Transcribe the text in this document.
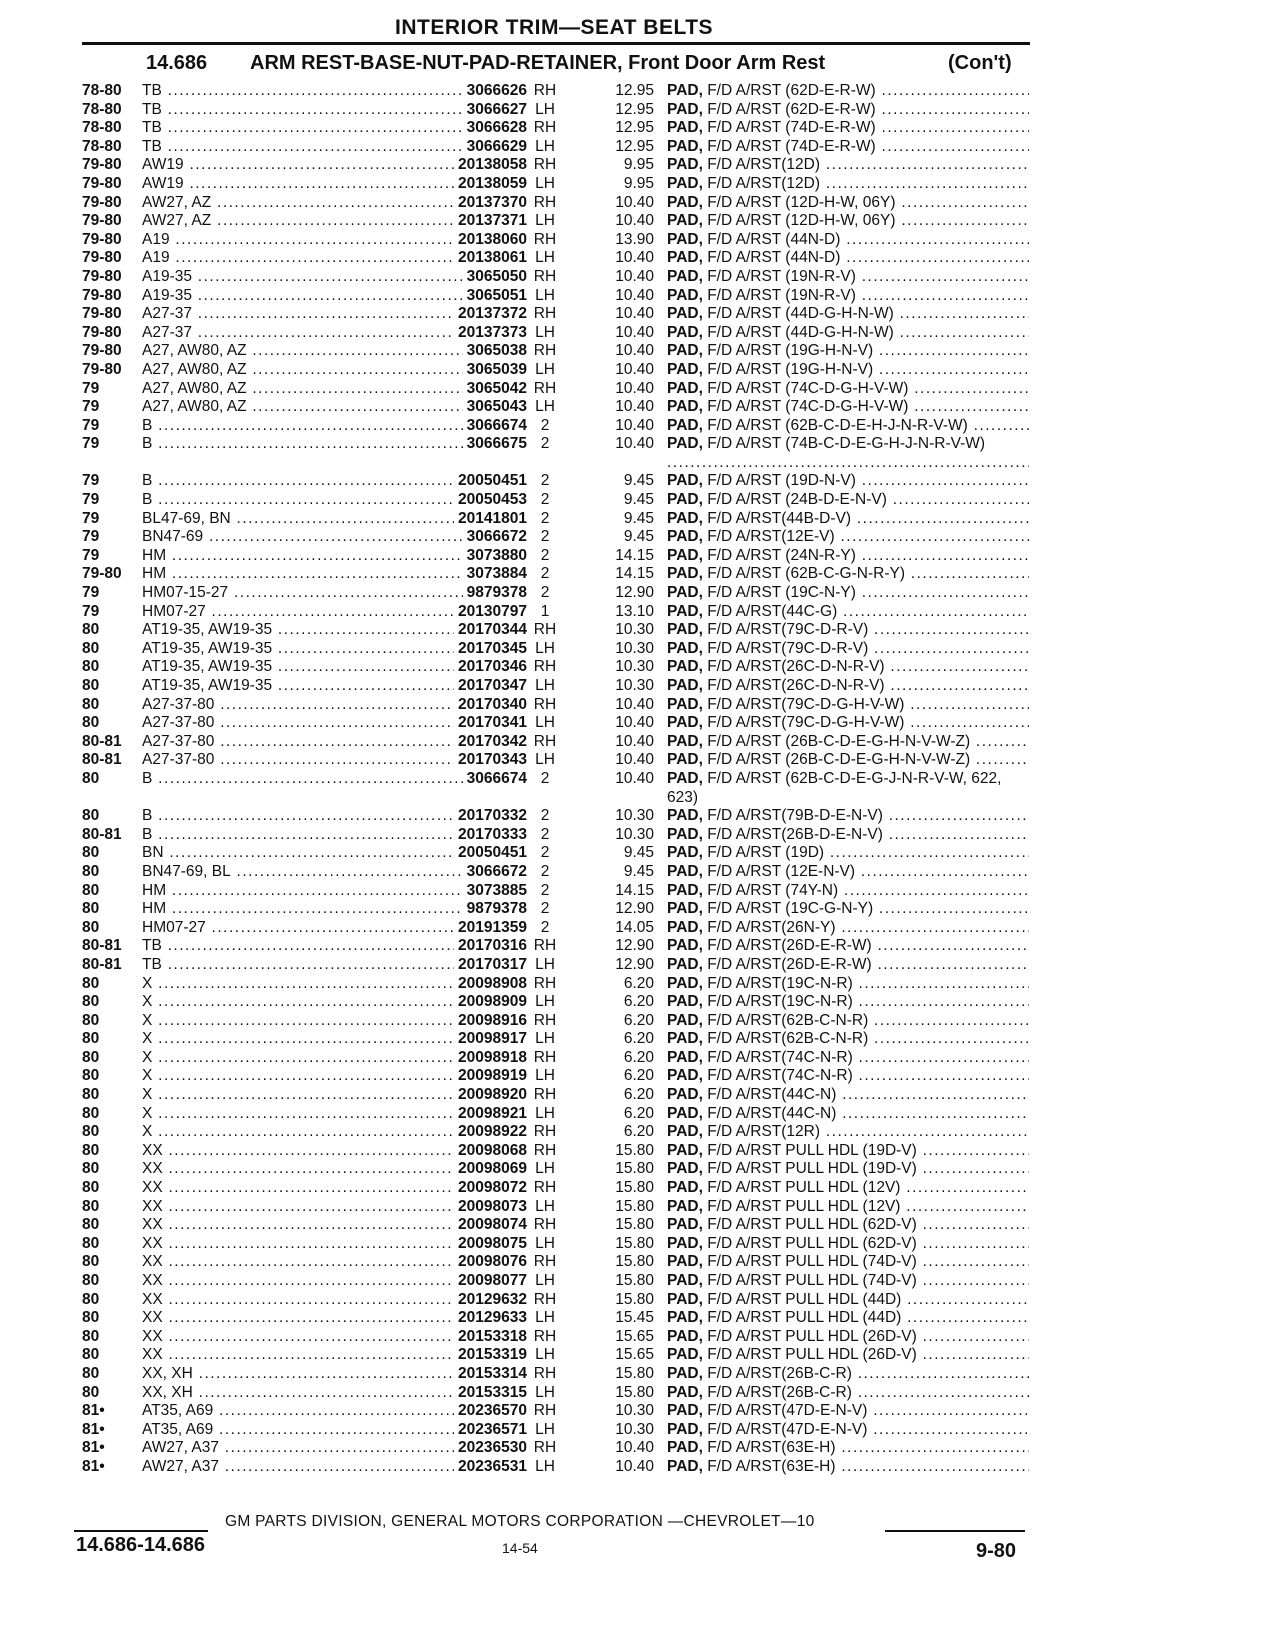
INTERIOR TRIM—SEAT BELTS
14.686 ARM REST-BASE-NUT-PAD-RETAINER, Front Door Arm Rest	(Con't)
78-80 TB .....	3066626 RH	12.95 PAD, F/D A/RST (62D-E-R-W) .....
78-80 TB .....	3066627 LH	12.95 PAD, F/D A/RST (62D-E-R-W) .....
78-80 TB .....	3066628 RH	12.95 PAD, F/D A/RST (74D-E-R-W) .....
78-80 TB .....	3066629 LH	12.95 PAD, F/D A/RST (74D-E-R-W) .....
79-80 AW19 .....	20138058 RH	9.95 PAD, F/D A/RST(12D) .....
79-80 AW19 .....	20138059 LH	9.95 PAD, F/D A/RST(12D) .....
79-80 AW27, AZ .....	20137370 RH	10.40 PAD, F/D A/RST (12D-H-W, 06Y) .....
79-80 AW27, AZ .....	20137371 LH	10.40 PAD, F/D A/RST (12D-H-W, 06Y) .....
79-80 A19 .....	20138060 RH	13.90 PAD, F/D A/RST (44N-D) .....
79-80 A19 .....	20138061 LH	10.40 PAD, F/D A/RST (44N-D) .....
79-80 A19-35 .....	3065050 RH	10.40 PAD, F/D A/RST (19N-R-V) .....
79-80 A19-35 .....	3065051 LH	10.40 PAD, F/D A/RST (19N-R-V) .....
79-80 A27-37 .....	20137372 RH	10.40 PAD, F/D A/RST (44D-G-H-N-W) .....
79-80 A27-37 .....	20137373 LH	10.40 PAD, F/D A/RST (44D-G-H-N-W) .....
79-80 A27, AW80, AZ .....	3065038 RH	10.40 PAD, F/D A/RST (19G-H-N-V) .....
79-80 A27, AW80, AZ .....	3065039 LH	10.40 PAD, F/D A/RST (19G-H-N-V) .....
79	A27, AW80, AZ .....	3065042 RH	10.40 PAD, F/D A/RST (74C-D-G-H-V-W) .....
79	A27, AW80, AZ .....	3065043 LH	10.40 PAD, F/D A/RST (74C-D-G-H-V-W) .....
79	B .....	3066674 2	10.40 PAD, F/D A/RST (62B-C-D-E-H-J-N-R-V-W) .....
79	B .....	3066675 2	10.40 PAD, F/D A/RST (74B-C-D-E-G-H-J-N-R-V-W) .....
79	B .....	20050451 2	9.45 PAD, F/D A/RST (19D-N-V) .....
79	B .....	20050453 2	9.45 PAD, F/D A/RST (24B-D-E-N-V) .....
79	BL47-69, BN .....	20141801 2	9.45 PAD, F/D A/RST(44B-D-V) .....
79	BN47-69 .....	3066672 2	9.45 PAD, F/D A/RST(12E-V) .....
79	HM .....	3073880 2	14.15 PAD, F/D A/RST (24N-R-Y) .....
79-80 HM .....	3073884 2	14.15 PAD, F/D A/RST (62B-C-G-N-R-Y) .....
79	HM07-15-27 .....	9879378 2	12.90 PAD, F/D A/RST (19C-N-Y) .....
79	HM07-27 .....	20130797 1	13.10 PAD, F/D A/RST(44C-G) .....
80	AT19-35, AW19-35 .....	20170344 RH	10.30 PAD, F/D A/RST(79C-D-R-V) .....
80	AT19-35, AW19-35 .....	20170345 LH	10.30 PAD, F/D A/RST(79C-D-R-V) .....
80	AT19-35, AW19-35 .....	20170346 RH	10.30 PAD, F/D A/RST(26C-D-N-R-V) .....
80	AT19-35, AW19-35 .....	20170347 LH	10.30 PAD, F/D A/RST(26C-D-N-R-V) .....
80	A27-37-80 .....	20170340 RH	10.40 PAD, F/D A/RST(79C-D-G-H-V-W) .....
80	A27-37-80 .....	20170341 LH	10.40 PAD, F/D A/RST(79C-D-G-H-V-W) .....
80-81 A27-37-80 .....	20170342 RH	10.40 PAD, F/D A/RST (26B-C-D-E-G-H-N-V-W-Z) .....
80-81 A27-37-80 .....	20170343 LH	10.40 PAD, F/D A/RST (26B-C-D-E-G-H-N-V-W-Z) .....
80	B .....	3066674 2	10.40 PAD, F/D A/RST (62B-C-D-E-G-J-N-R-V-W, 622, 623) .....
80	B .....	20170332 2	10.30 PAD, F/D A/RST(79B-D-E-N-V) .....
80-81 B .....	20170333 2	10.30 PAD, F/D A/RST(26B-D-E-N-V) .....
80	BN .....	20050451 2	9.45 PAD, F/D A/RST (19D) .....
80	BN47-69, BL .....	3066672 2	9.45 PAD, F/D A/RST (12E-N-V) .....
80	HM .....	3073885 2	14.15 PAD, F/D A/RST (74Y-N) .....
80	HM .....	9879378 2	12.90 PAD, F/D A/RST (19C-G-N-Y) .....
80	HM07-27 .....	20191359 2	14.05 PAD, F/D A/RST(26N-Y) .....
80-81 TB .....	20170316 RH	12.90 PAD, F/D A/RST(26D-E-R-W) .....
80-81 TB .....	20170317 LH	12.90 PAD, F/D A/RST(26D-E-R-W) .....
80	X .....	20098908 RH	6.20 PAD, F/D A/RST(19C-N-R) .....
80	X .....	20098909 LH	6.20 PAD, F/D A/RST(19C-N-R) .....
80	X .....	20098916 RH	6.20 PAD, F/D A/RST(62B-C-N-R) .....
80	X .....	20098917 LH	6.20 PAD, F/D A/RST(62B-C-N-R) .....
80	X .....	20098918 RH	6.20 PAD, F/D A/RST(74C-N-R) .....
80	X .....	20098919 LH	6.20 PAD, F/D A/RST(74C-N-R) .....
80	X .....	20098920 RH	6.20 PAD, F/D A/RST(44C-N) .....
80	X .....	20098921 LH	6.20 PAD, F/D A/RST(44C-N) .....
80	X .....	20098922 RH	6.20 PAD, F/D A/RST(12R) .....
80	XX .....	20098068 RH	15.80 PAD, F/D A/RST PULL HDL (19D-V) .....
80	XX .....	20098069 LH	15.80 PAD, F/D A/RST PULL HDL (19D-V) .....
80	XX .....	20098072 RH	15.80 PAD, F/D A/RST PULL HDL (12V) .....
80	XX .....	20098073 LH	15.80 PAD, F/D A/RST PULL HDL (12V) .....
80	XX .....	20098074 RH	15.80 PAD, F/D A/RST PULL HDL (62D-V) .....
80	XX .....	20098075 LH	15.80 PAD, F/D A/RST PULL HDL (62D-V) .....
80	XX .....	20098076 RH	15.80 PAD, F/D A/RST PULL HDL (74D-V) .....
80	XX .....	20098077 LH	15.80 PAD, F/D A/RST PULL HDL (74D-V) .....
80	XX .....	20129632 RH	15.80 PAD, F/D A/RST PULL HDL (44D) .....
80	XX .....	20129633 LH	15.45 PAD, F/D A/RST PULL HDL (44D) .....
80	XX .....	20153318 RH	15.65 PAD, F/D A/RST PULL HDL (26D-V) .....
80	XX .....	20153319 LH	15.65 PAD, F/D A/RST PULL HDL (26D-V) .....
80	XX, XH .....	20153314 RH	15.80 PAD, F/D A/RST(26B-C-R) .....
80	XX, XH .....	20153315 LH	15.80 PAD, F/D A/RST(26B-C-R) .....
81• AT35, A69 .....	20236570 RH	10.30 PAD, F/D A/RST(47D-E-N-V) .....
81• AT35, A69 .....	20236571 LH	10.30 PAD, F/D A/RST(47D-E-N-V) .....
81• AW27, A37 .....	20236530 RH	10.40 PAD, F/D A/RST(63E-H) .....
81• AW27, A37 .....	20236531 LH	10.40 PAD, F/D A/RST(63E-H) .....
GM PARTS DIVISION, GENERAL MOTORS CORPORATION —CHEVROLET—10
14.686-14.686	14-54	9-80
